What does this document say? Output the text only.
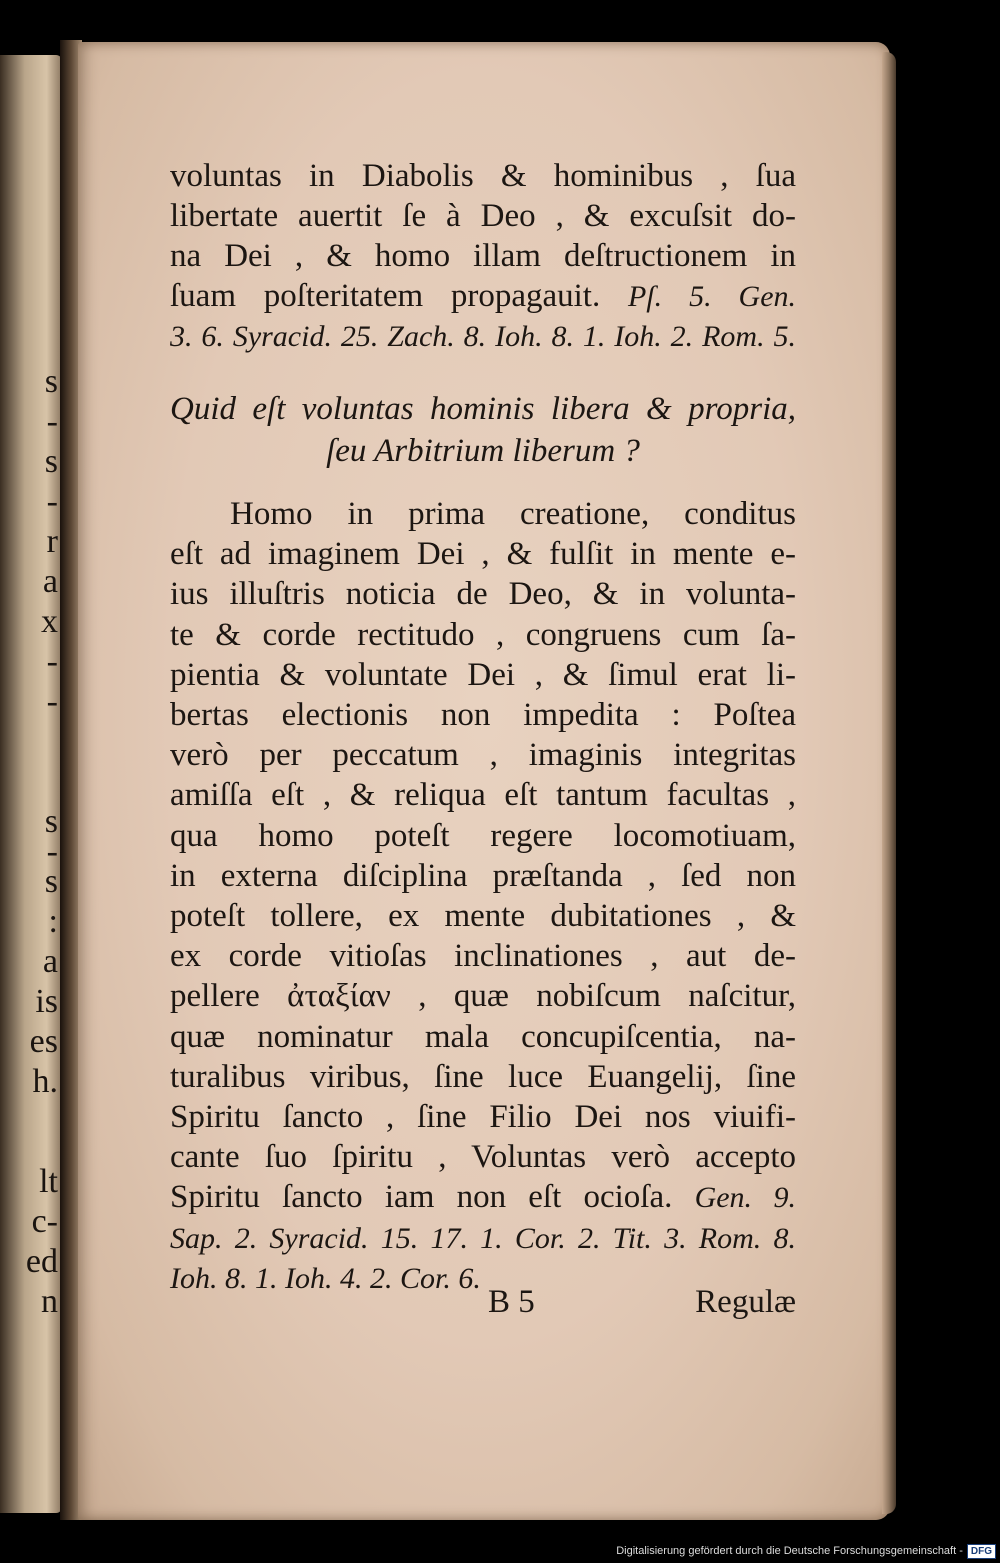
s
-
s
-
r
a
x
-
-
s
-
s
:
a
is
es
h.
lt
c-
ed
n
voluntas in Diabolis & hominibus , ſua
libertate auertit ſe à Deo , & excuſsit do-
na Dei , & homo illam deſtructionem in
ſuam poſteritatem propagauit. Pſ. 5. Gen.
3. 6. Syracid. 25. Zach. 8. Ioh. 8. 1. Ioh. 2. Rom. 5.
Quid eſt voluntas hominis libera & propria,
ſeu Arbitrium liberum ?
Homo in prima creatione, conditus
eſt ad imaginem Dei , & fulſit in mente e-
ius illuſtris noticia de Deo, & in volunta-
te & corde rectitudo , congruens cum ſa-
pientia & voluntate Dei , & ſimul erat li-
bertas electionis non impedita : Poſtea
verò per peccatum , imaginis integritas
amiſſa eſt , & reliqua eſt tantum facultas ,
qua homo poteſt regere locomotiuam,
in externa diſciplina præſtanda , ſed non
poteſt tollere, ex mente dubitationes , &
ex corde vitioſas inclinationes , aut de-
pellere ἀταξίαν , quæ nobiſcum naſcitur,
quæ nominatur mala concupiſcentia, na-
turalibus viribus, ſine luce Euangelij, ſine
Spiritu ſancto , ſine Filio Dei nos viuifi-
cante ſuo ſpiritu , Voluntas verò accepto
Spiritu ſancto iam non eſt ocioſa. Gen. 9.
Sap. 2. Syracid. 15. 17. 1. Cor. 2. Tit. 3. Rom. 8.
Ioh. 8. 1. Ioh. 4. 2. Cor. 6.
B 5	Regulæ
Digitalisierung gefördert durch die Deutsche Forschungsgemeinschaft - DFG
